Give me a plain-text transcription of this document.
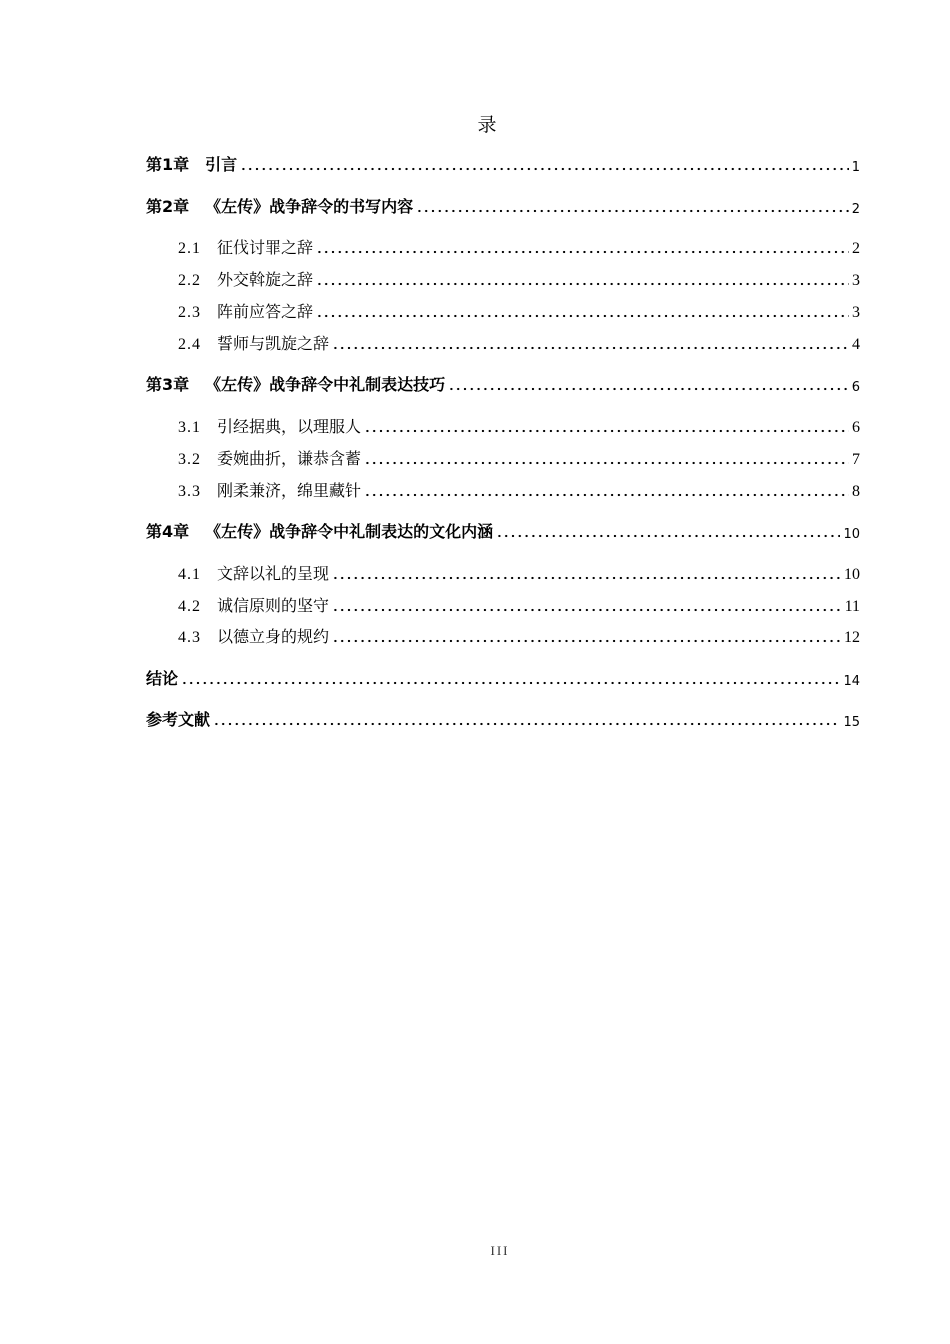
录
第1章 引言	1
第2章 《左传》战争辞令的书写内容	2
2.1 征伐讨罪之辞	2
2.2 外交斡旋之辞	3
2.3 阵前应答之辞	3
2.4 誓师与凯旋之辞	4
第3章 《左传》战争辞令中礼制表达技巧	6
3.1 引经据典，以理服人	6
3.2 委婉曲折，谦恭含蓄	7
3.3 刚柔兼济，绵里藏针	8
第4章 《左传》战争辞令中礼制表达的文化内涵	10
4.1 文辞以礼的呈现	10
4.2 诚信原则的坚守	11
4.3 以德立身的规约	12
结论	14
参考文献	15
III
